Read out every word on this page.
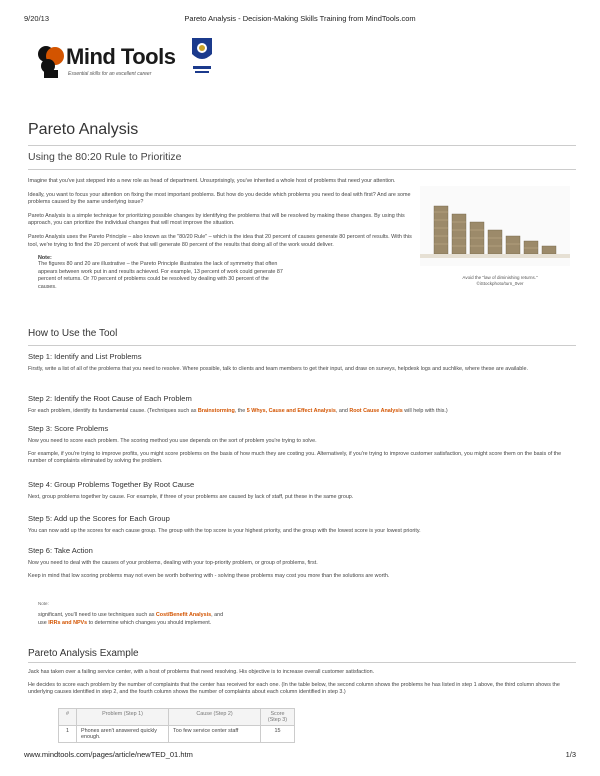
9/20/13	Pareto Analysis - Decision-Making Skills Training from MindTools.com
Mind Tools
Essential skills for an excellent career
Pareto Analysis
Using the 80:20 Rule to Prioritize

Imagine that you've just stepped into a new role as head of department. Unsurprisingly, you've inherited a whole host of problems that need your attention.

Ideally, you want to focus your attention on fixing the most important problems. But how do you decide which problems you need to deal with first? And are some problems caused by the same underlying issue?

Pareto Analysis is a simple technique for prioritizing possible changes by identifying the problems that will be resolved by making these changes. By using this approach, you can prioritize the individual changes that will most improve the situation.

Pareto Analysis uses the Pareto Principle – also known as the "80/20 Rule" – which is the idea that 20 percent of causes generate 80 percent of results. With this tool, we're trying to find the 20 percent of work that will generate 80 percent of the results that doing all of the work would deliver.

Note:

The figures 80 and 20 are illustrative – the Pareto Principle illustrates the lack of symmetry that often appears between work put in and results achieved. For example, 13 percent of work could generate 87 percent of returns. Or 70 percent of problems could be resolved by dealing with 30 percent of the causes.

Avoid the "law of diminishing returns."
©iStockphoto/turn_0ver
How to Use the Tool
Step 1: Identify and List Problems

Firstly, write a list of all of the problems that you need to resolve. Where possible, talk to clients and team members to get their input, and draw on surveys, helpdesk logs and suchlike, where these are available.

Step 2: Identify the Root Cause of Each Problem

For each problem, identify its fundamental cause. (Techniques such as Brainstorming, the 5 Whys, Cause and Effect Analysis, and Root Cause Analysis will help with this.)

Step 3: Score Problems

Now you need to score each problem. The scoring method you use depends on the sort of problem you're trying to solve.

For example, if you're trying to improve profits, you might score problems on the basis of how much they are costing you. Alternatively, if you're trying to improve customer satisfaction, you might score them on the basis of the number of complaints eliminated by solving the problem.

Step 4: Group Problems Together By Root Cause

Next, group problems together by cause. For example, if three of your problems are caused by lack of staff, put these in the same group.

Step 5: Add up the Scores for Each Group

You can now add up the scores for each cause group. The group with the top score is your highest priority, and the group with the lowest score is your lowest priority.

Step 6: Take Action

Now you need to deal with the causes of your problems, dealing with your top-priority problem, or group of problems, first.

Keep in mind that low scoring problems may not even be worth bothering with - solving these problems may cost you more than the solutions are worth.

Note:

significant, you'll need to use techniques such as Cost/Benefit Analysis, and

use IRRs and NPVs to determine which changes you should implement.

Pareto Analysis Example

Jack has taken over a failing service center, with a host of problems that need resolving. His objective is to increase overall customer satisfaction.

He decides to score each problem by the number of complaints that the center has received for each one. (In the table below, the second column shows the problems he has listed in step 1 above, the third column shows the underlying causes identified in step 2, and the fourth column shows the number of complaints about each column identified in step 3.)

#	Problem (Step 1)	Cause (Step 2)	Score (Step 3)
1	Phones aren't answered quickly enough.	Too few service center staff	15
www.mindtools.com/pages/article/newTED_01.htm	1/3
